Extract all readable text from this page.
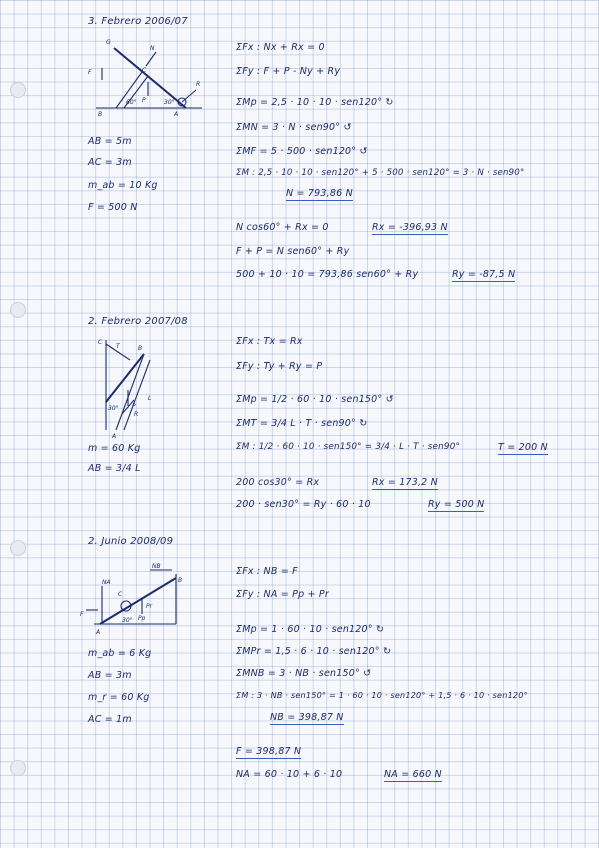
3. Febrero 2006/07
G
N
F	C
P	30°
60°
B	A
R
AB = 5m
AC = 3m
m_ab = 10 Kg
F = 500 N
ΣFx : Nx + Rx = 0
ΣFy : F + P - Ny + Ry
ΣMp = 2,5 · 10 · 10 · sen120° ↻
ΣMN = 3 · N · sen90° ↺
ΣMF = 5 · 500 · sen120° ↺
ΣM : 2,5 · 10 · 10 · sen120° + 5 · 500 · sen120° = 3 · N · sen90°
N = 793,86 N
N cos60° + Rx = 0	Rx = -396,93 N
F + P = N sen60° + Ry
500 + 10 · 10 = 793,86 sen60° + Ry	Ry = -87,5 N
2. Febrero 2007/08
C
T	B
30°
R
L
P
A
m = 60 Kg
AB = 3/4 L
ΣFx : Tx = Rx
ΣFy : Ty + Ry = P
ΣMp = 1/2 · 60 · 10 · sen150° ↺
ΣMT = 3/4 L · T · sen90° ↻
ΣM : 1/2 · 60 · 10 · sen150° = 3/4 · L · T · sen90°	T = 200 N
200 cos30° = Rx	Rx = 173,2 N
200 · sen30° = Ry · 60 · 10	Ry = 500 N
2. Junio 2008/09
NB
B
NA
C
F
Pp
A
30°
Pr
m_ab = 6 Kg
AB = 3m
m_r = 60 Kg
AC = 1m
ΣFx : NB = F
ΣFy : NA = Pp + Pr
ΣMp = 1 · 60 · 10 · sen120° ↻
ΣMPr = 1,5 · 6 · 10 · sen120° ↻
ΣMNB = 3 · NB · sen150° ↺
ΣM : 3 · NB · sen150° = 1 · 60 · 10 · sen120° + 1,5 · 6 · 10 · sen120°
NB = 398,87 N
F = 398,87 N
NA = 60 · 10 + 6 · 10	NA = 660 N
